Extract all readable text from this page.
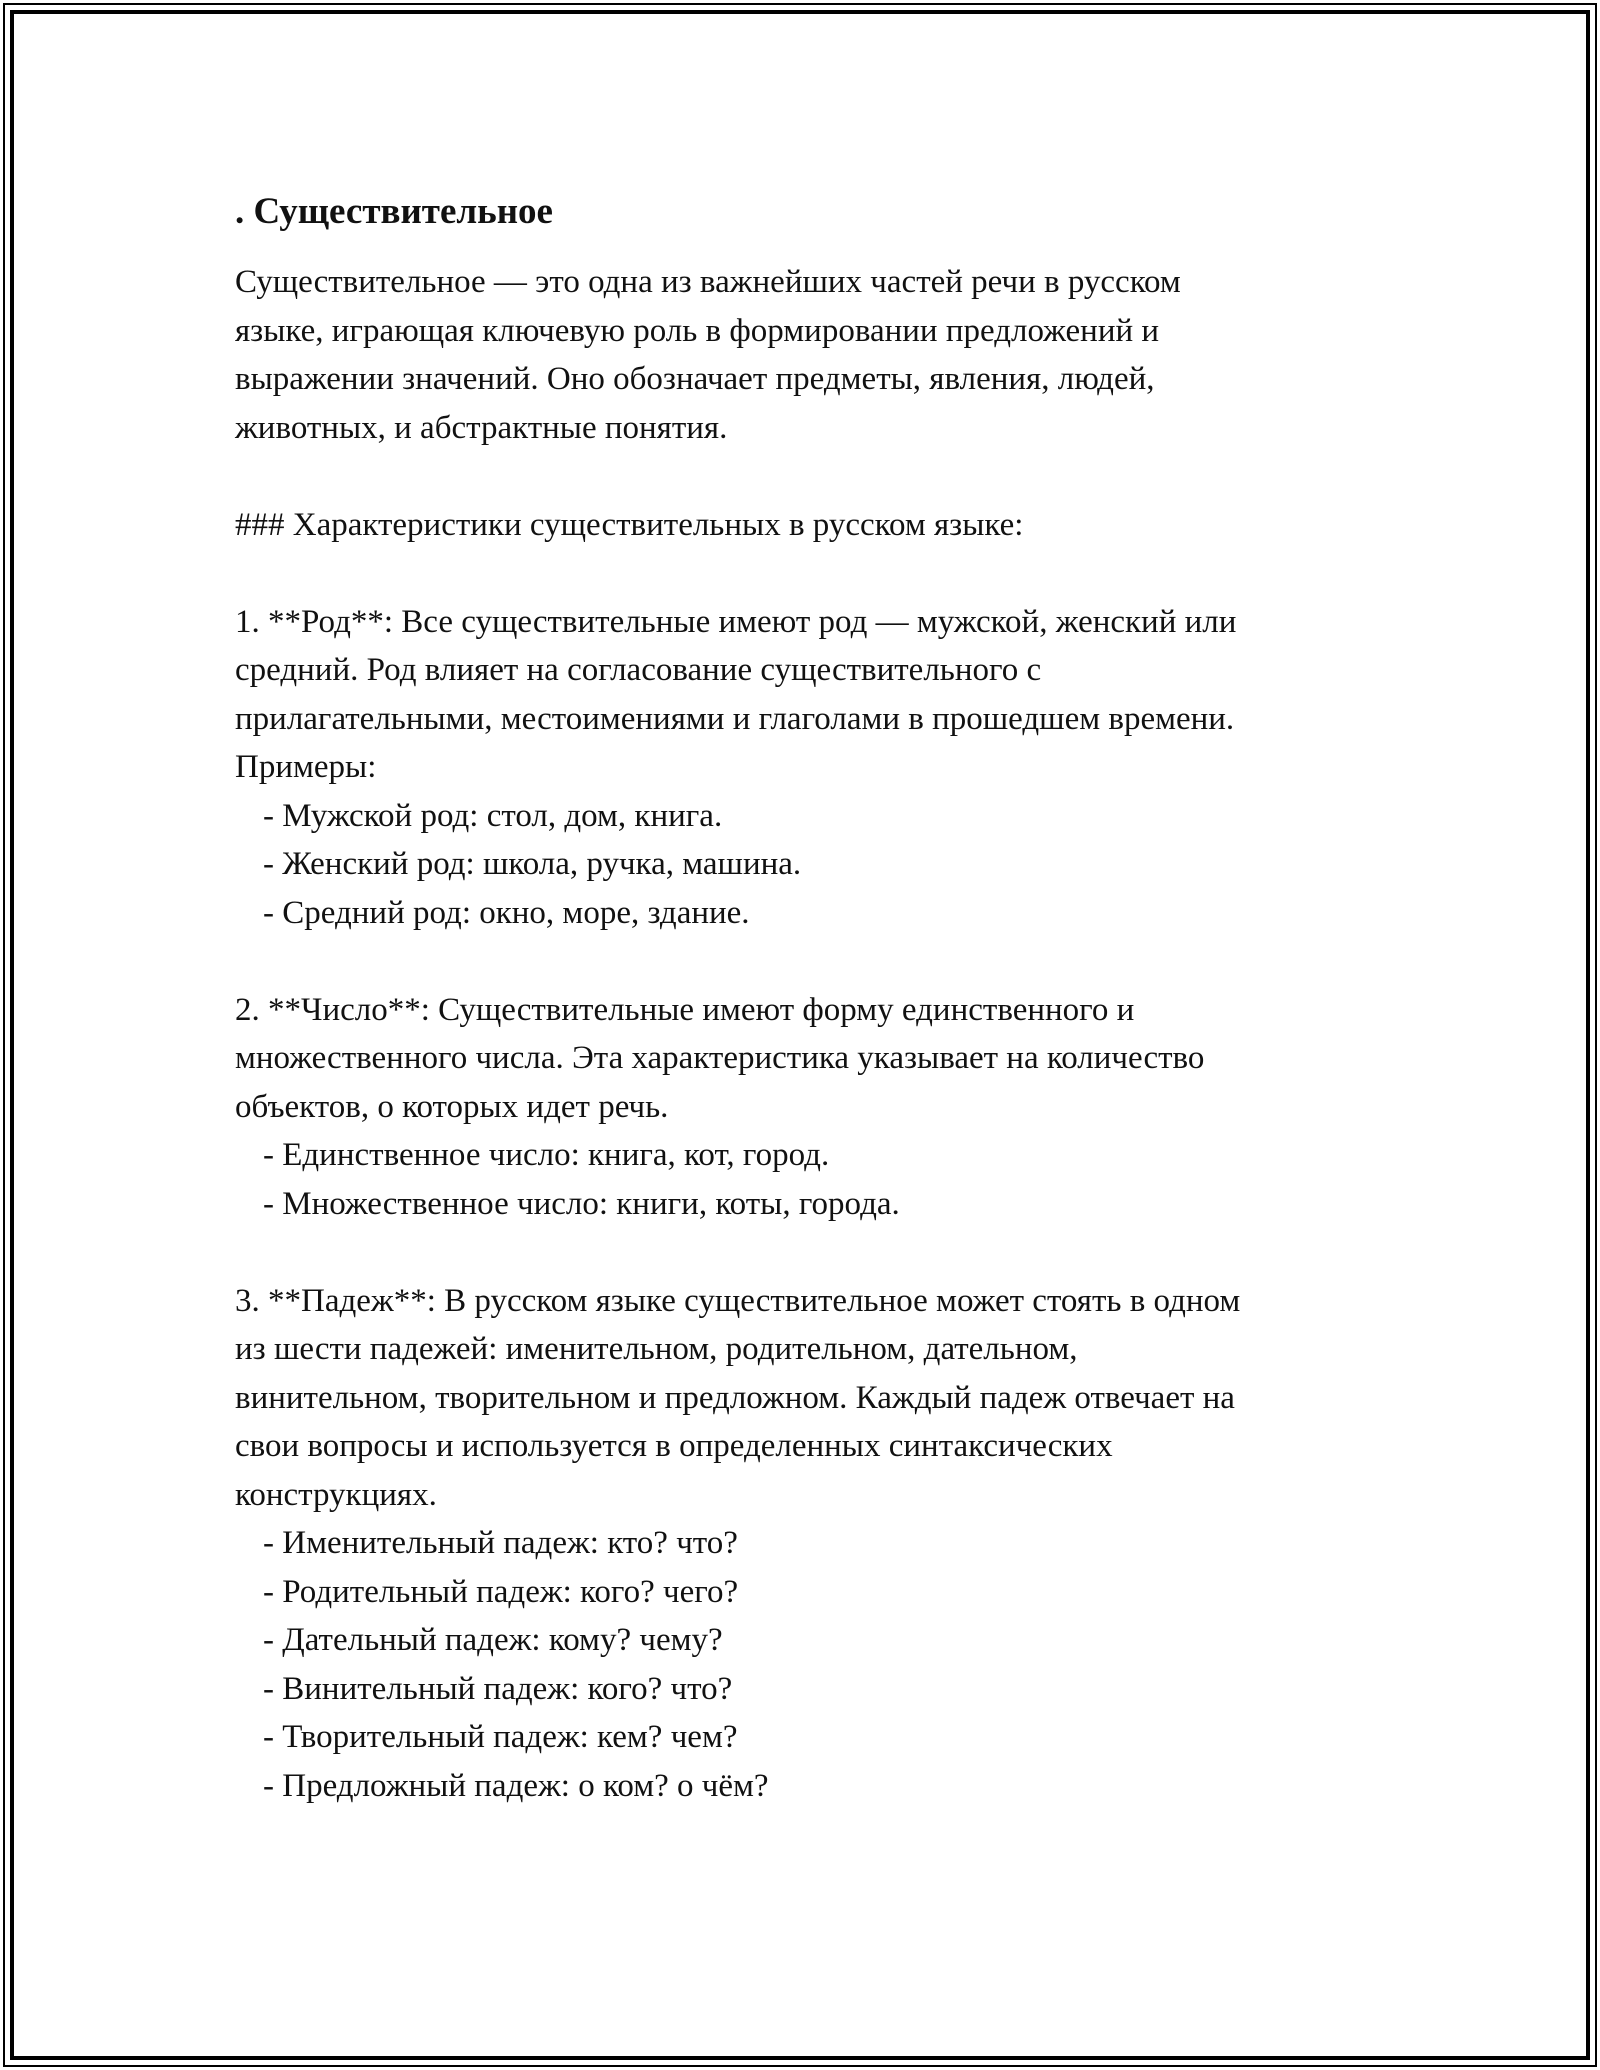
. Существительное
Существительное — это одна из важнейших частей речи в русском
языке, играющая ключевую роль в формировании предложений и
выражении значений. Оно обозначает предметы, явления, людей,
животных, и абстрактные понятия.
### Характеристики существительных в русском языке:
1. **Род**: Все существительные имеют род — мужской, женский или
средний. Род влияет на согласование существительного с
прилагательными, местоимениями и глаголами в прошедшем времени.
Примеры:
- Мужской род: стол, дом, книга.
- Женский род: школа, ручка, машина.
- Средний род: окно, море, здание.
2. **Число**: Существительные имеют форму единственного и
множественного числа. Эта характеристика указывает на количество
объектов, о которых идет речь.
- Единственное число: книга, кот, город.
- Множественное число: книги, коты, города.
3. **Падеж**: В русском языке существительное может стоять в одном
из шести падежей: именительном, родительном, дательном,
винительном, творительном и предложном. Каждый падеж отвечает на
свои вопросы и используется в определенных синтаксических
конструкциях.
- Именительный падеж: кто? что?
- Родительный падеж: кого? чего?
- Дательный падеж: кому? чему?
- Винительный падеж: кого? что?
- Творительный падеж: кем? чем?
- Предложный падеж: о ком? о чём?
